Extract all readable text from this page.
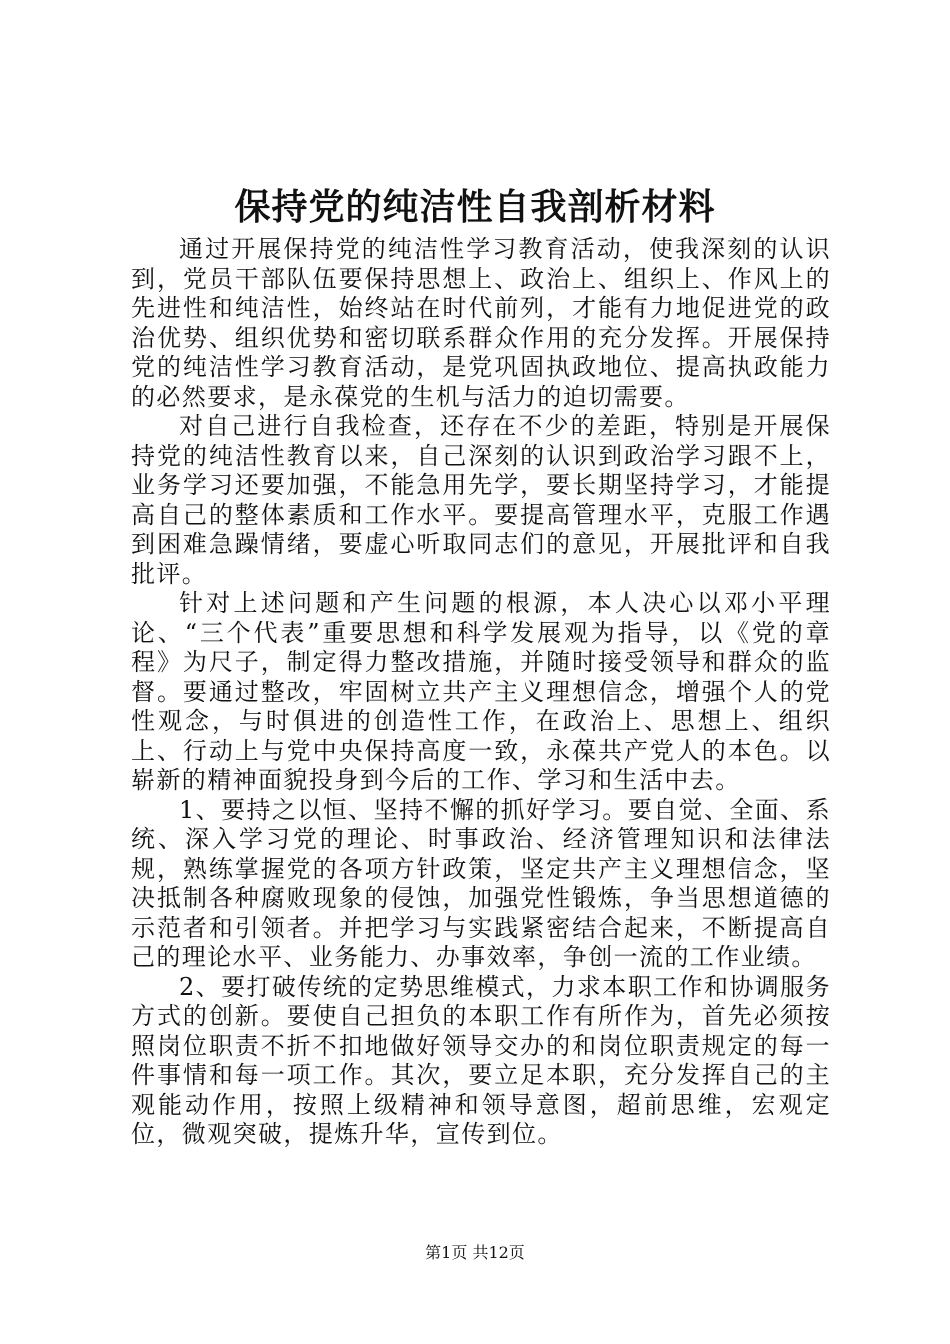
保持党的纯洁性自我剖析材料

通过开展保持党的纯洁性学习教育活动，使我深刻的认识到，党员干部队伍要保持思想上、政治上、组织上、作风上的先进性和纯洁性，始终站在时代前列，才能有力地促进党的政治优势、组织优势和密切联系群众作用的充分发挥。开展保持党的纯洁性学习教育活动，是党巩固执政地位、提高执政能力的必然要求，是永葆党的生机与活力的迫切需要。

对自己进行自我检查，还存在不少的差距，特别是开展保持党的纯洁性教育以来，自己深刻的认识到政治学习跟不上，业务学习还要加强，不能急用先学，要长期坚持学习，才能提高自己的整体素质和工作水平。要提高管理水平，克服工作遇到困难急躁情绪，要虚心听取同志们的意见，开展批评和自我批评。

针对上述问题和产生问题的根源，本人决心以邓小平理论、“三个代表”重要思想和科学发展观为指导，以《党的章程》为尺子，制定得力整改措施，并随时接受领导和群众的监督。要通过整改，牢固树立共产主义理想信念，增强个人的党性观念，与时俱进的创造性工作，在政治上、思想上、组织上、行动上与党中央保持高度一致，永葆共产党人的本色。以崭新的精神面貌投身到今后的工作、学习和生活中去。

1、要持之以恒、坚持不懈的抓好学习。要自觉、全面、系统、深入学习党的理论、时事政治、经济管理知识和法律法规，熟练掌握党的各项方针政策，坚定共产主义理想信念，坚决抵制各种腐败现象的侵蚀，加强党性锻炼，争当思想道德的示范者和引领者。并把学习与实践紧密结合起来，不断提高自己的理论水平、业务能力、办事效率，争创一流的工作业绩。

2、要打破传统的定势思维模式，力求本职工作和协调服务方式的创新。要使自己担负的本职工作有所作为，首先必须按照岗位职责不折不扣地做好领导交办的和岗位职责规定的每一件事情和每一项工作。其次，要立足本职，充分发挥自己的主观能动作用，按照上级精神和领导意图，超前思维，宏观定位，微观突破，提炼升华，宣传到位。

第1页 共12页
